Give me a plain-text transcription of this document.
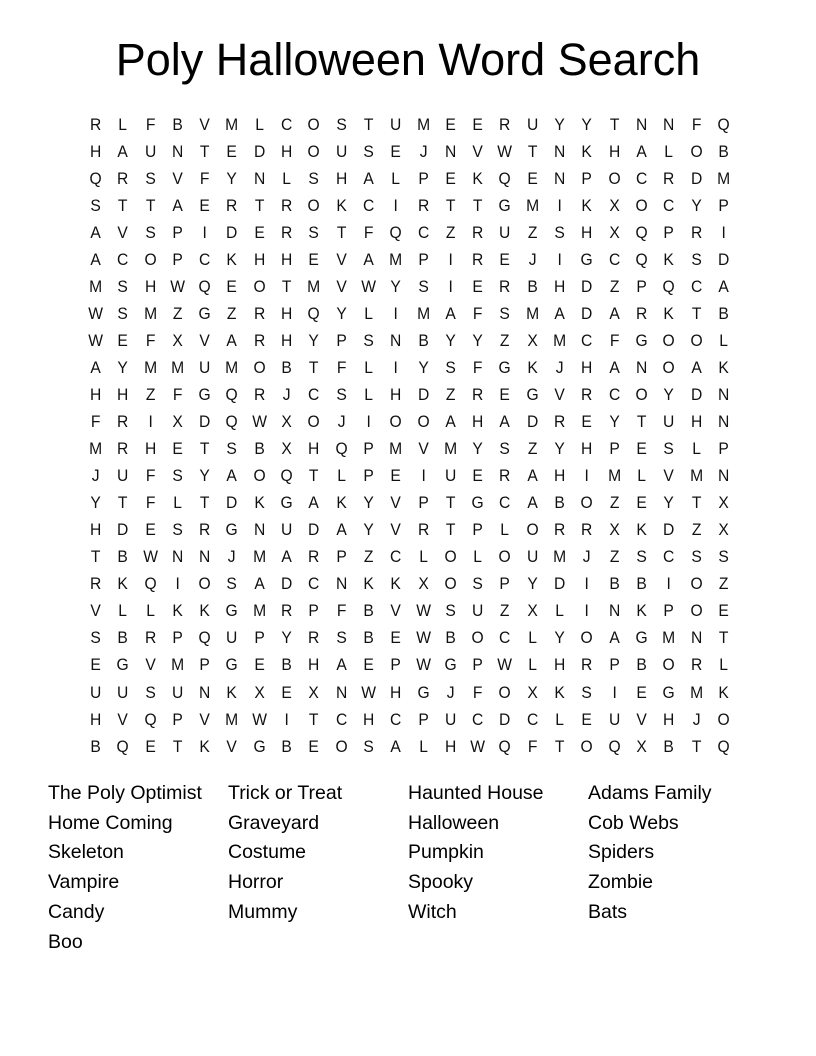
Poly Halloween Word Search
R	L	F	B V M L	C O S	T U M E E R U Y Y	T N N F Q
H A U N T	E D H O U S E	J	N V W T N K H A	L O B
Q R S V	F	Y N	L	S H A	L	P E K Q E N P O C R D M
S	T	T	A E R T R O K C	I	R T	T G M	I	K X O C Y P
A V S P	I	D E R S	T	F Q C Z R U Z	S H X Q P R	I
A C O P C K H H E V A M P	I	R E	J	I	G C Q K S D
M S H W Q E O T M V W Y S	I	E R B H D Z	P Q C A
W S M Z G Z R H Q Y	L	I	M A	F	S M A D A R K	T	B
W E	F	X V A R H Y P S N B Y Y	Z	X M C F G O O L
A Y M M U M O B	T	F	L	I	Y S	F G K	J	H A N O A K
H H Z	F G Q R	J	C S	L	H D Z R E G V R C O Y D N
F R	I	X D Q W X O	J	I	O O A H A D R E Y	T U H N
M R H E	T	S B X H Q P M V M Y S	Z	Y H P E S	L	P
J	U F	S Y A O Q T	L	P E	I	U E R A H	I	M L	V M N
Y	T	F	L	T D K G A K Y V P	T G C A B O Z	E Y	T	X
H D E S R G N U D A Y V R T	P	L O R R X K D Z	X
T	B W N N	J M A R P	Z C	L O L O U M J	Z	S C S S
R K Q	I	O S A D C N K K X O S P Y D	I	B B	I	O Z
V	L	L	K K G M R P	F	B V W S U Z	X	L	I	N K P O E
S B R P Q U P Y R S B E W B O C	L	Y O A G M N T
E G V M P G E B H A E P W G P W L	H R P B O R	L
U U S U N K X E X N W H G	J	F O X K S	I	E G M K
H V Q P V M W	I	T C H C P U C D C	L	E U V H	J	O
B Q E	T	K V G B E O S A	L	H W Q F	T O Q X B	T Q
The Poly Optimist
Home Coming
Skeleton
Vampire
Candy
Boo
Trick or Treat
Graveyard
Costume
Horror
Mummy
Haunted House
Halloween
Pumpkin
Spooky
Witch
Adams Family
Cob Webs
Spiders
Zombie
Bats
